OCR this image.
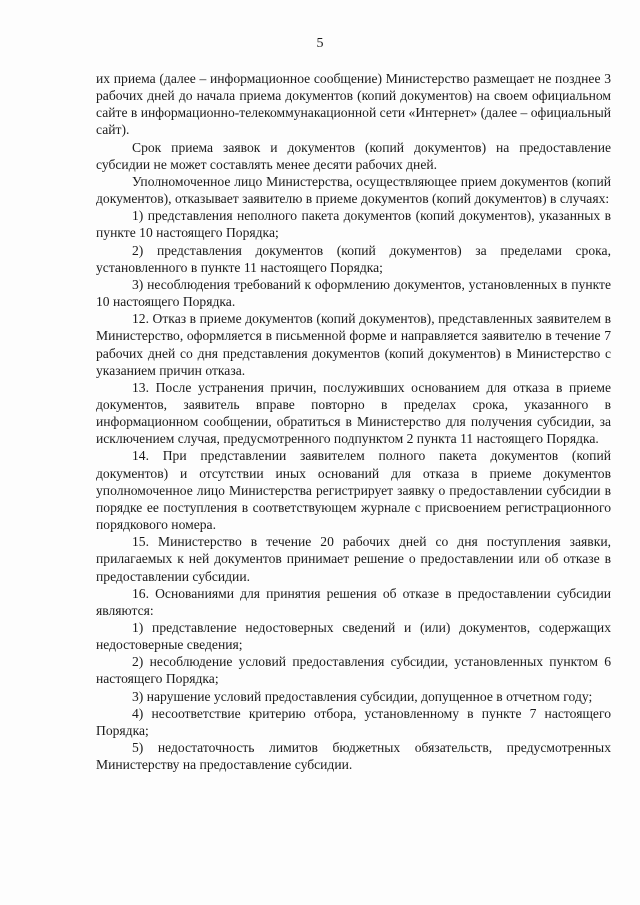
5

их приема (далее – информационное сообщение) Министерство размещает не позднее 3 рабочих дней до начала приема документов (копий документов) на своем официальном сайте в информационно-телекоммунакационной сети «Интернет» (далее – официальный сайт).

Срок приема заявок и документов (копий документов) на предоставление субсидии не может составлять менее десяти рабочих дней.

Уполномоченное лицо Министерства, осуществляющее прием документов (копий документов), отказывает заявителю в приеме документов (копий документов) в случаях:

1) представления неполного пакета документов (копий документов), указанных в пункте 10 настоящего Порядка;

2) представления документов (копий документов) за пределами срока, установленного в пункте 11 настоящего Порядка;

3) несоблюдения требований к оформлению документов, установленных в пункте 10 настоящего Порядка.

12. Отказ в приеме документов (копий документов), представленных заявителем в Министерство, оформляется в письменной форме и направляется заявителю в течение 7 рабочих дней со дня представления документов (копий документов) в Министерство с указанием причин отказа.

13. После устранения причин, послуживших основанием для отказа в приеме документов, заявитель вправе повторно в пределах срока, указанного в информационном сообщении, обратиться в Министерство для получения субсидии, за исключением случая, предусмотренного подпунктом 2 пункта 11 настоящего Порядка.

14. При представлении заявителем полного пакета документов (копий документов) и отсутствии иных оснований для отказа в приеме документов уполномоченное лицо Министерства регистрирует заявку о предоставлении субсидии в порядке ее поступления в соответствующем журнале с присвоением регистрационного порядкового номера.

15. Министерство в течение 20 рабочих дней со дня поступления заявки, прилагаемых к ней документов принимает решение о предоставлении или об отказе в предоставлении субсидии.

16. Основаниями для принятия решения об отказе в предоставлении субсидии являются:

1) представление недостоверных сведений и (или) документов, содержащих недостоверные сведения;

2) несоблюдение условий предоставления субсидии, установленных пунктом 6 настоящего Порядка;

3) нарушение условий предоставления субсидии, допущенное в отчетном году;

4) несоответствие критерию отбора, установленному в пункте 7 настоящего Порядка;

5) недостаточность лимитов бюджетных обязательств, предусмотренных Министерству на предоставление субсидии.
